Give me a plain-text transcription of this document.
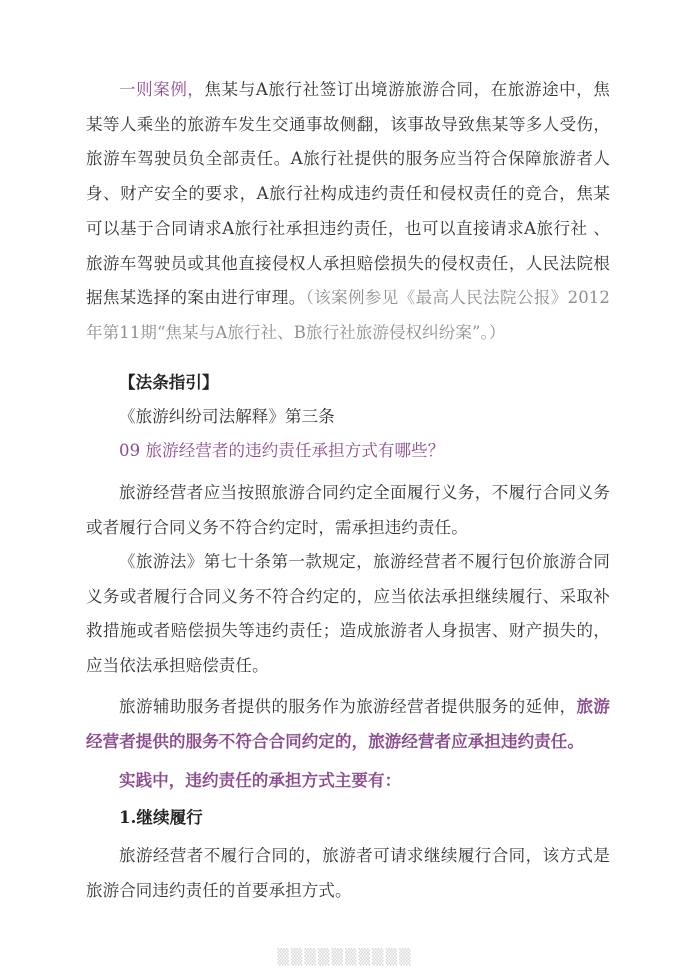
一则案例，焦某与A旅行社签订出境游旅游合同，在旅游途中，焦某等人乘坐的旅游车发生交通事故侧翻，该事故导致焦某等多人受伤，旅游车驾驶员负全部责任。A旅行社提供的服务应当符合保障旅游者人身、财产安全的要求，A旅行社构成违约责任和侵权责任的竞合，焦某可以基于合同请求A旅行社承担违约责任，也可以直接请求A旅行社 、旅游车驾驶员或其他直接侵权人承担赔偿损失的侵权责任，人民法院根据焦某选择的案由进行审理。（该案例参见《最高人民法院公报》2012年第11期“焦某与A旅行社、B旅行社旅游侵权纠纷案”。）

【法条指引】

《旅游纠纷司法解释》第三条

09 旅游经营者的违约责任承担方式有哪些？

旅游经营者应当按照旅游合同约定全面履行义务，不履行合同义务或者履行合同义务不符合约定时，需承担违约责任。

《旅游法》第七十条第一款规定，旅游经营者不履行包价旅游合同义务或者履行合同义务不符合约定的，应当依法承担继续履行、采取补救措施或者赔偿损失等违约责任；造成旅游者人身损害、财产损失的，应当依法承担赔偿责任。

旅游辅助服务者提供的服务作为旅游经营者提供服务的延伸，旅游经营者提供的服务不符合合同约定的，旅游经营者应承担违约责任。

实践中，违约责任的承担方式主要有：

1.继续履行

旅游经营者不履行合同的，旅游者可请求继续履行合同，该方式是旅游合同违约责任的首要承担方式。

▒▒▒▒▒▒▒▒▒▒
